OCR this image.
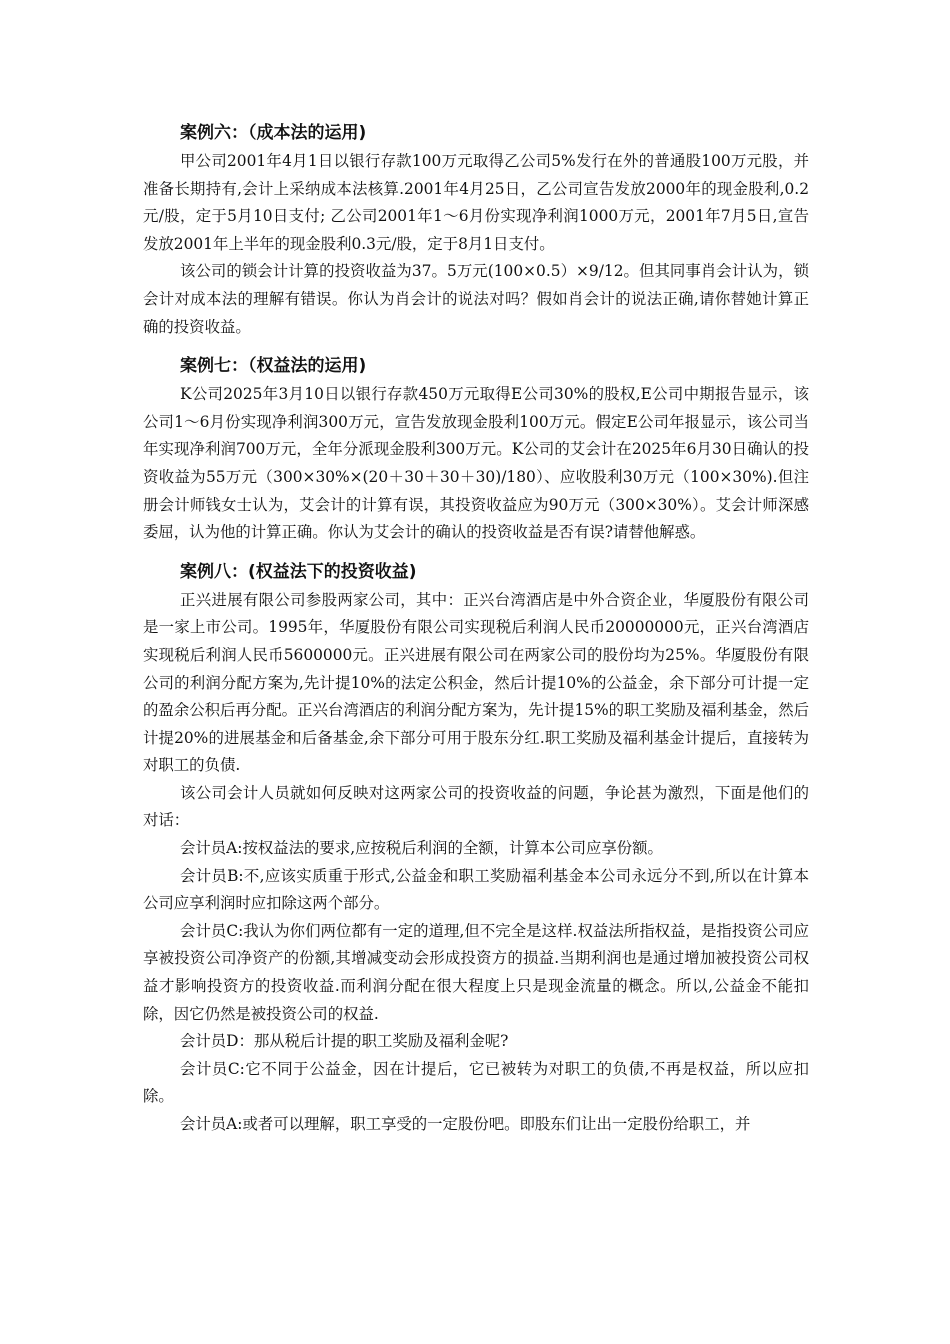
案例六：（成本法的运用)

甲公司2001年4月1日以银行存款100万元取得乙公司5%发行在外的普通股100万元股，并准备长期持有,会计上采纳成本法核算.2001年4月25日，乙公司宣告发放2000年的现金股利,0.2元/股，定于5月10日支付; 乙公司2001年1～6月份实现净利润1000万元，2001年7月5日,宣告发放2001年上半年的现金股利0.3元/股，定于8月1日支付。

该公司的锁会计计算的投资收益为37。5万元(100×0.5）×9/12。但其同事肖会计认为，锁会计对成本法的理解有错误。你认为肖会计的说法对吗？假如肖会计的说法正确,请你替她计算正确的投资收益。

案例七：（权益法的运用)

K公司2025年3月10日以银行存款450万元取得E公司30%的股权,E公司中期报告显示，该公司1～6月份实现净利润300万元，宣告发放现金股利100万元。假定E公司年报显示，该公司当年实现净利润700万元，全年分派现金股利300万元。K公司的艾会计在2025年6月30日确认的投资收益为55万元（300×30%×(20＋30＋30＋30)/180）、应收股利30万元（100×30%).但注册会计师钱女士认为，艾会计的计算有误，其投资收益应为90万元（300×30%）。艾会计师深感委屈，认为他的计算正确。你认为艾会计的确认的投资收益是否有误?请替他解惑。

案例八：(权益法下的投资收益)

正兴进展有限公司参股两家公司，其中：正兴台湾酒店是中外合资企业，华厦股份有限公司是一家上市公司。1995年，华厦股份有限公司实现税后利润人民币20000000元，正兴台湾酒店实现税后利润人民币5600000元。正兴进展有限公司在两家公司的股份均为25%。华厦股份有限公司的利润分配方案为,先计提10%的法定公积金，然后计提10%的公益金，余下部分可计提一定的盈余公积后再分配。正兴台湾酒店的利润分配方案为，先计提15%的职工奖励及福利基金，然后计提20%的进展基金和后备基金,余下部分可用于股东分红.职工奖励及福利基金计提后，直接转为对职工的负债.

该公司会计人员就如何反映对这两家公司的投资收益的问题，争论甚为激烈，下面是他们的对话：

会计员A:按权益法的要求,应按税后利润的全额，计算本公司应享份额。

会计员B:不,应该实质重于形式,公益金和职工奖励福利基金本公司永远分不到,所以在计算本公司应享利润时应扣除这两个部分。

会计员C:我认为你们两位都有一定的道理,但不完全是这样.权益法所指权益，是指投资公司应享被投资公司净资产的份额,其增减变动会形成投资方的损益.当期利润也是通过增加被投资公司权益才影响投资方的投资收益.而利润分配在很大程度上只是现金流量的概念。所以,公益金不能扣除，因它仍然是被投资公司的权益.

会计员D：那从税后计提的职工奖励及福利金呢?

会计员C:它不同于公益金，因在计提后，它已被转为对职工的负债,不再是权益，所以应扣除。

会计员A:或者可以理解，职工享受的一定股份吧。即股东们让出一定股份给职工，并
